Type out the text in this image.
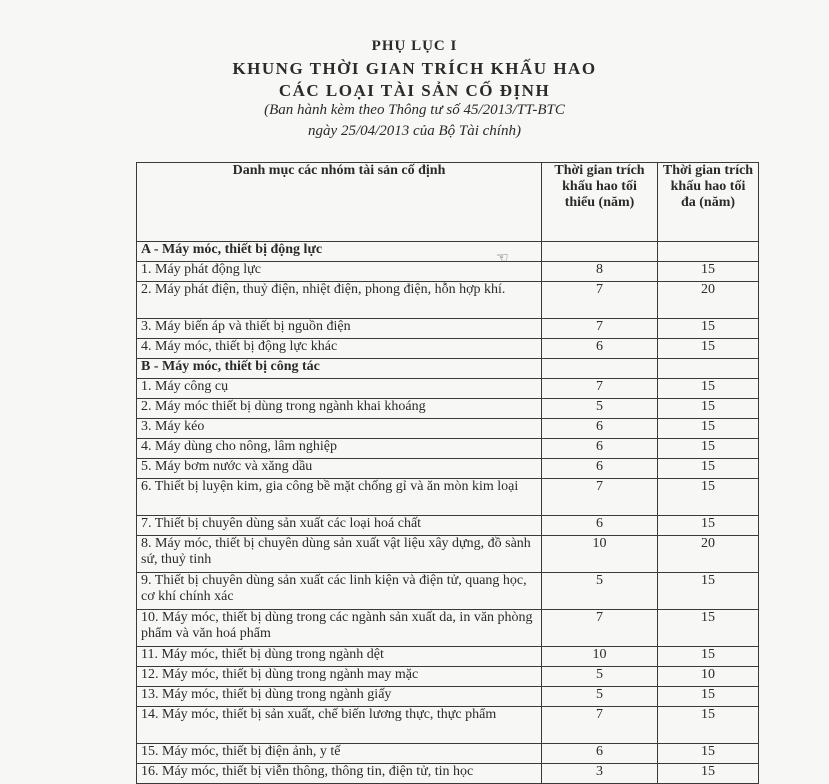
PHỤ LỤC I
KHUNG THỜI GIAN TRÍCH KHẤU HAO
CÁC LOẠI TÀI SẢN CỐ ĐỊNH
(Ban hành kèm theo Thông tư số 45/2013/TT-BTC
ngày 25/04/2013 của Bộ Tài chính)
Danh mục các nhóm tài sản cố định	Thời gian trích khấu hao tối thiểu (năm)	Thời gian trích khấu hao tối đa (năm)
A - Máy móc, thiết bị động lực		
1. Máy phát động lực	8	15
2. Máy phát điện, thuỷ điện, nhiệt điện, phong điện, hỗn hợp khí.	7	20
3. Máy biến áp và thiết bị nguồn điện	7	15
4. Máy móc, thiết bị động lực khác	6	15
B - Máy móc, thiết bị công tác		
1. Máy công cụ	7	15
2. Máy móc thiết bị dùng trong ngành khai khoáng	5	15
3. Máy kéo	6	15
4. Máy dùng cho nông, lâm nghiệp	6	15
5. Máy bơm nước và xăng dầu	6	15
6. Thiết bị luyện kim, gia công bề mặt chống gỉ và ăn mòn kim loại	7	15
7. Thiết bị chuyên dùng sản xuất các loại hoá chất	6	15
8. Máy móc, thiết bị chuyên dùng sản xuất vật liệu xây dựng, đồ sành sứ, thuỷ tinh	10	20
9. Thiết bị chuyên dùng sản xuất các linh kiện và điện tử, quang học, cơ khí chính xác	5	15
10. Máy móc, thiết bị dùng trong các ngành sản xuất da, in văn phòng phẩm và văn hoá phẩm	7	15
11. Máy móc, thiết bị dùng trong ngành dệt	10	15
12. Máy móc, thiết bị dùng trong ngành may mặc	5	10
13. Máy móc, thiết bị dùng trong ngành giấy	5	15
14. Máy móc, thiết bị sản xuất, chế biến lương thực, thực phẩm	7	15
15. Máy móc, thiết bị điện ảnh, y tế	6	15
16. Máy móc, thiết bị viễn thông, thông tin, điện tử, tin học	3	15
☜
